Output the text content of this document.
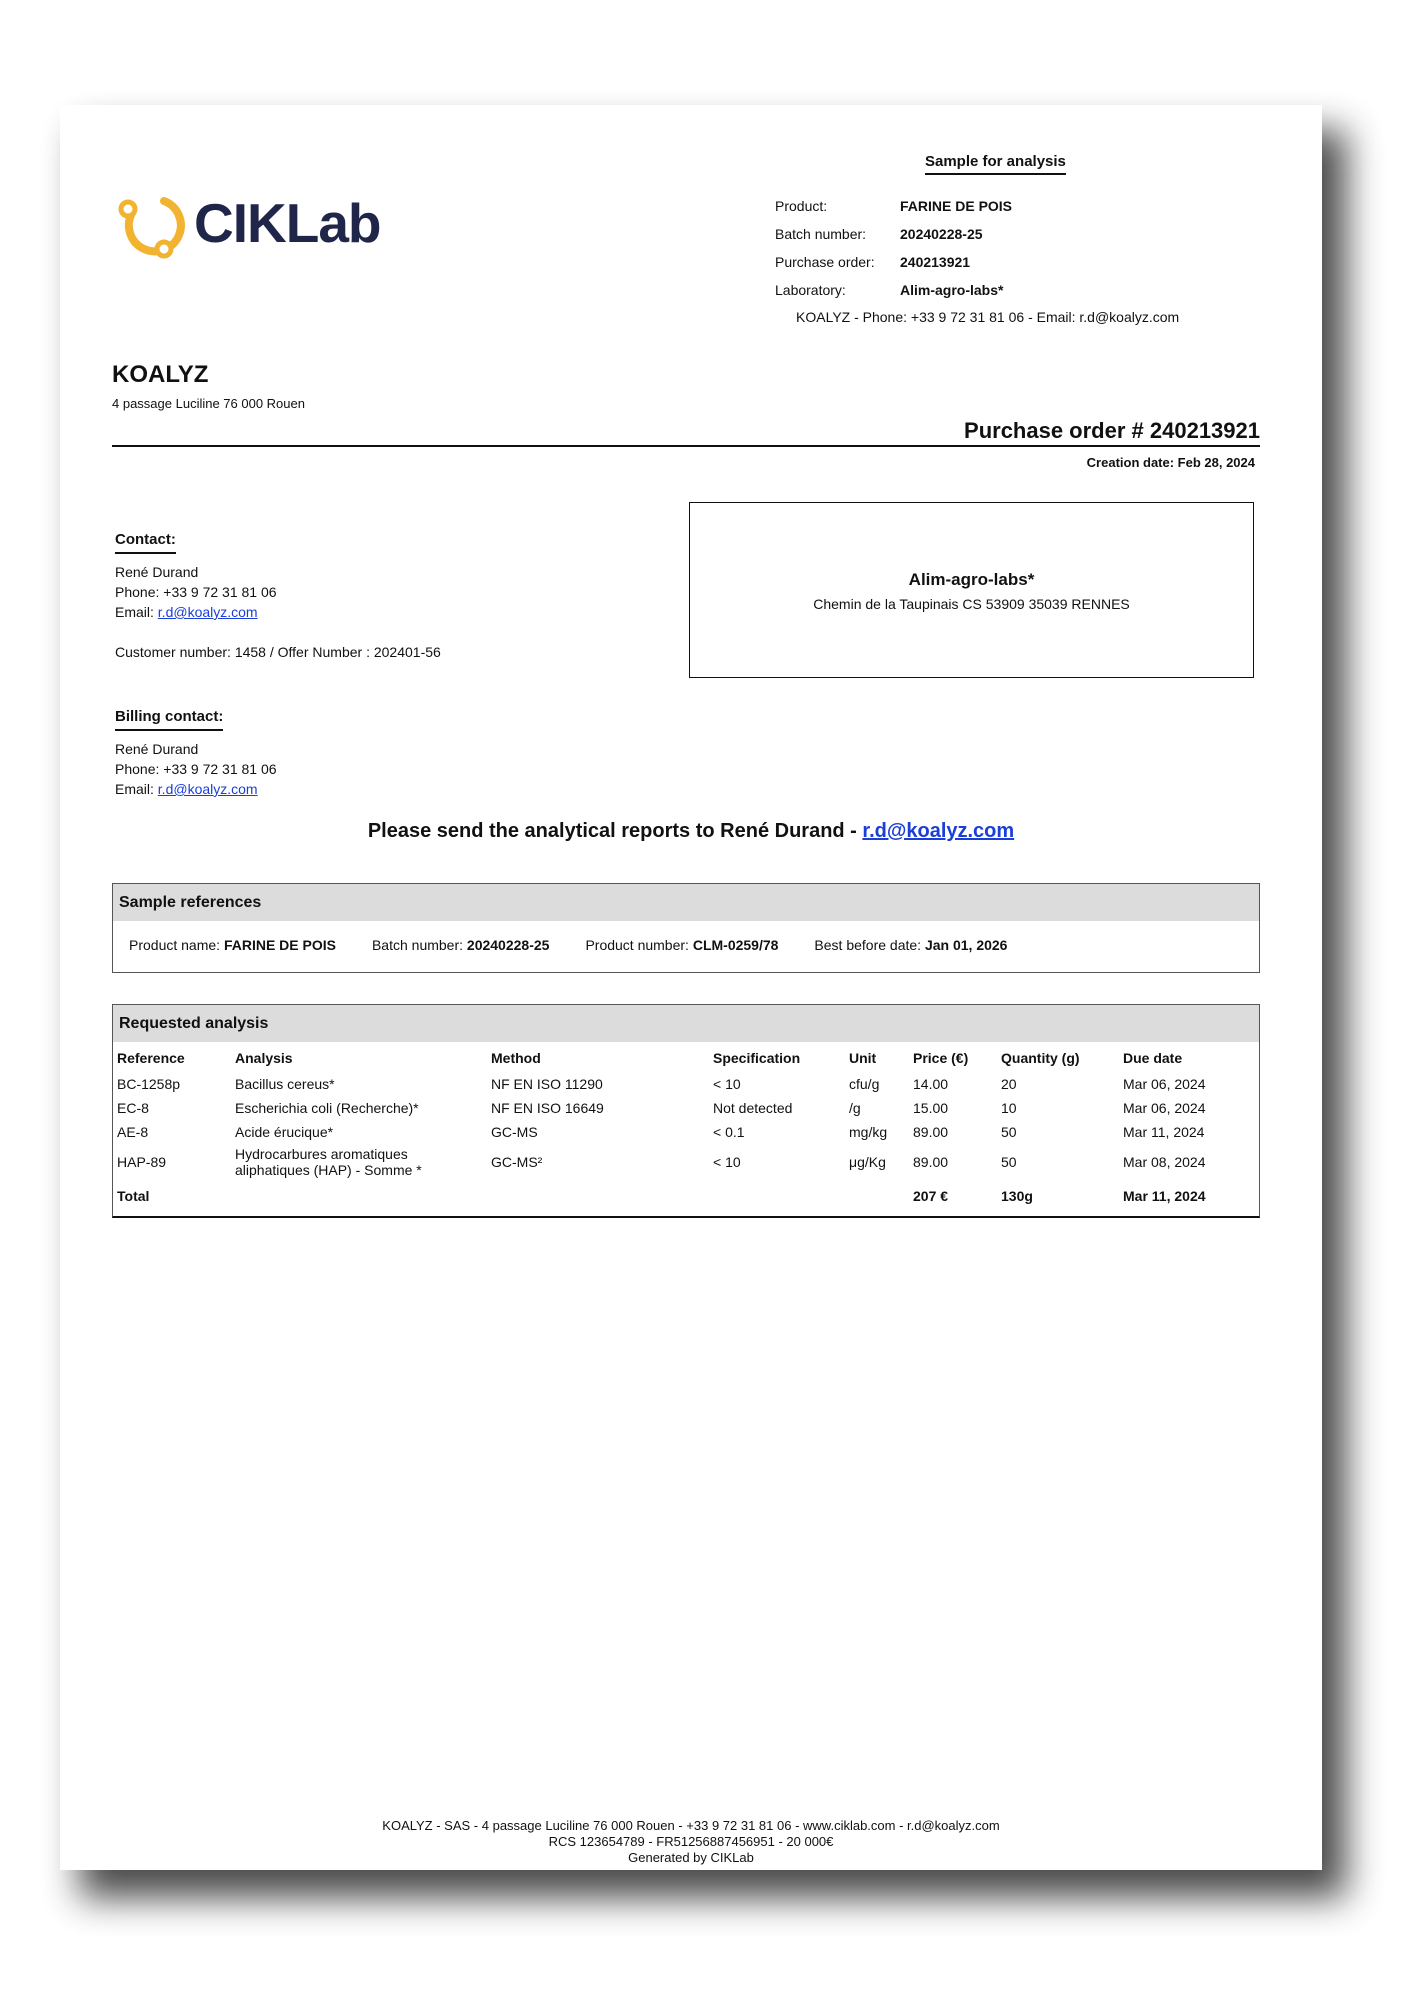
CIKLab
Sample for analysis
Product:	FARINE DE POIS
Batch number:	20240228-25
Purchase order:	240213921
Laboratory:	Alim-agro-labs*
KOALYZ - Phone: +33 9 72 31 81 06 - Email: r.d@koalyz.com
KOALYZ
4 passage Luciline 76 000 Rouen
Purchase order # 240213921
Creation date: Feb 28, 2024
Contact:
René Durand
Phone: +33 9 72 31 81 06
Email: r.d@koalyz.com
Customer number: 1458 / Offer Number : 202401-56
Billing contact:
René Durand
Phone: +33 9 72 31 81 06
Email: r.d@koalyz.com
Alim-agro-labs*
Chemin de la Taupinais CS 53909 35039 RENNES
Please send the analytical reports to René Durand - r.d@koalyz.com
Sample references
Product name: FARINE DE POIS	Batch number: 20240228-25	Product number: CLM-0259/78	Best before date: Jan 01, 2026
Requested analysis
Reference	Analysis	Method	Specification	Unit	Price (€)	Quantity (g)	Due date
BC-1258p	Bacillus cereus*	NF EN ISO 11290	< 10	cfu/g	14.00	20	Mar 06, 2024
EC-8	Escherichia coli (Recherche)*	NF EN ISO 16649	Not detected	/g	15.00	10	Mar 06, 2024
AE-8	Acide érucique*	GC-MS	< 0.1	mg/kg	89.00	50	Mar 11, 2024
HAP-89	Hydrocarbures aromatiques aliphatiques (HAP) - Somme *	GC-MS²	< 10	μg/Kg	89.00	50	Mar 08, 2024
Total					207 €	130g	Mar 11, 2024
KOALYZ - SAS - 4 passage Luciline 76 000 Rouen - +33 9 72 31 81 06 - www.ciklab.com - r.d@koalyz.com
RCS 123654789 - FR51256887456951 - 20 000€
Generated by CIKLab
